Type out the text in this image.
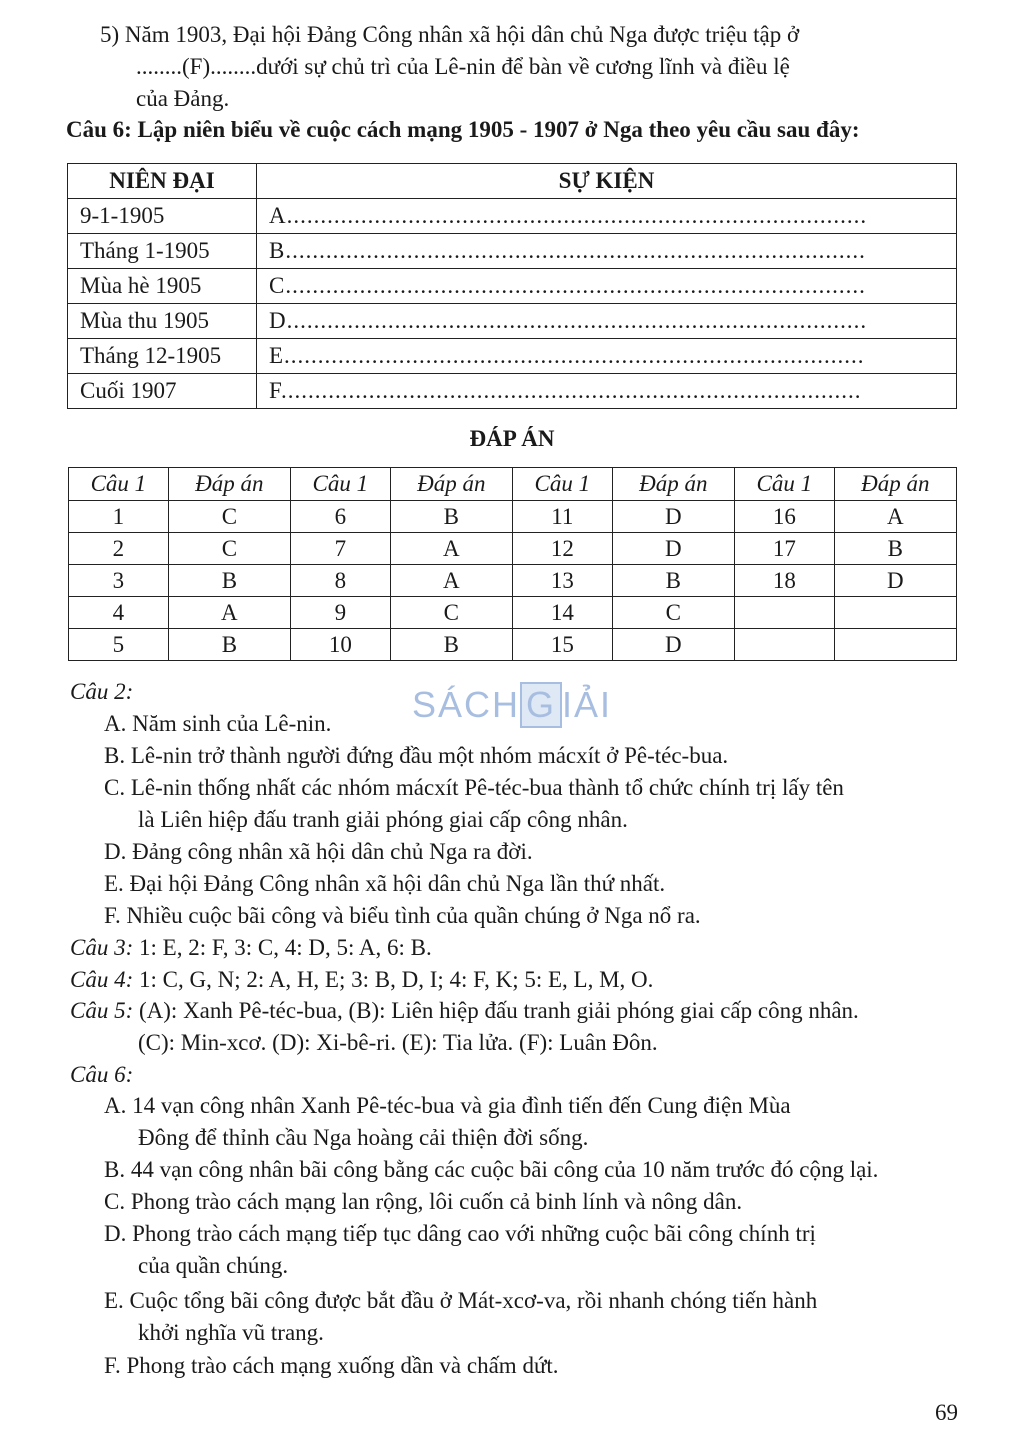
5) Năm 1903, Đại hội Đảng Công nhân xã hội dân chủ Nga được triệu tập ở
........(F)........dưới sự chủ trì của Lê-nin để bàn về cương lĩnh và điều lệ
của Đảng.
Câu 6: Lập niên biểu về cuộc cách mạng 1905 - 1907 ở Nga theo yêu cầu sau đây:
NIÊN ĐẠI	SỰ KIỆN
9-1-1905	A......................................................................................
Tháng 1-1905	B......................................................................................
Mùa hè 1905	C......................................................................................
Mùa thu 1905	D......................................................................................
Tháng 12-1905	E......................................................................................
Cuối 1907	F......................................................................................
ĐÁP ÁN
Câu 1	Đáp án	Câu 1	Đáp án	Câu 1	Đáp án	Câu 1	Đáp án
1	C	6	B	11	D	16	A
2	C	7	A	12	D	17	B
3	B	8	A	13	B	18	D
4	A	9	C	14	C		
5	B	10	B	15	D		
SÁCH G IẢI
Câu 2:
A. Năm sinh của Lê-nin.
B. Lê-nin trở thành người đứng đầu một nhóm mácxít ở Pê-téc-bua.
C. Lê-nin thống nhất các nhóm mácxít Pê-téc-bua thành tổ chức chính trị lấy tên
là Liên hiệp đấu tranh giải phóng giai cấp công nhân.
D. Đảng công nhân xã hội dân chủ Nga ra đời.
E. Đại hội Đảng Công nhân xã hội dân chủ Nga lần thứ nhất.
F. Nhiều cuộc bãi công và biểu tình của quần chúng ở Nga nổ ra.
Câu 3: 1: E, 2: F, 3: C, 4: D, 5: A, 6: B.
Câu 4: 1: C, G, N; 2: A, H, E; 3: B, D, I; 4: F, K; 5: E, L, M, O.
Câu 5: (A): Xanh Pê-téc-bua, (B): Liên hiệp đấu tranh giải phóng giai cấp công nhân.
(C): Min-xcơ. (D): Xi-bê-ri. (E): Tia lửa. (F): Luân Đôn.
Câu 6:
A. 14 vạn công nhân Xanh Pê-téc-bua và gia đình tiến đến Cung điện Mùa
Đông để thỉnh cầu Nga hoàng cải thiện đời sống.
B. 44 vạn công nhân bãi công bằng các cuộc bãi công của 10 năm trước đó cộng lại.
C. Phong trào cách mạng lan rộng, lôi cuốn cả binh lính và nông dân.
D. Phong trào cách mạng tiếp tục dâng cao với những cuộc bãi công chính trị
của quần chúng.
E. Cuộc tổng bãi công được bắt đầu ở Mát-xcơ-va, rồi nhanh chóng tiến hành
khởi nghĩa vũ trang.
F. Phong trào cách mạng xuống dần và chấm dứt.
69
